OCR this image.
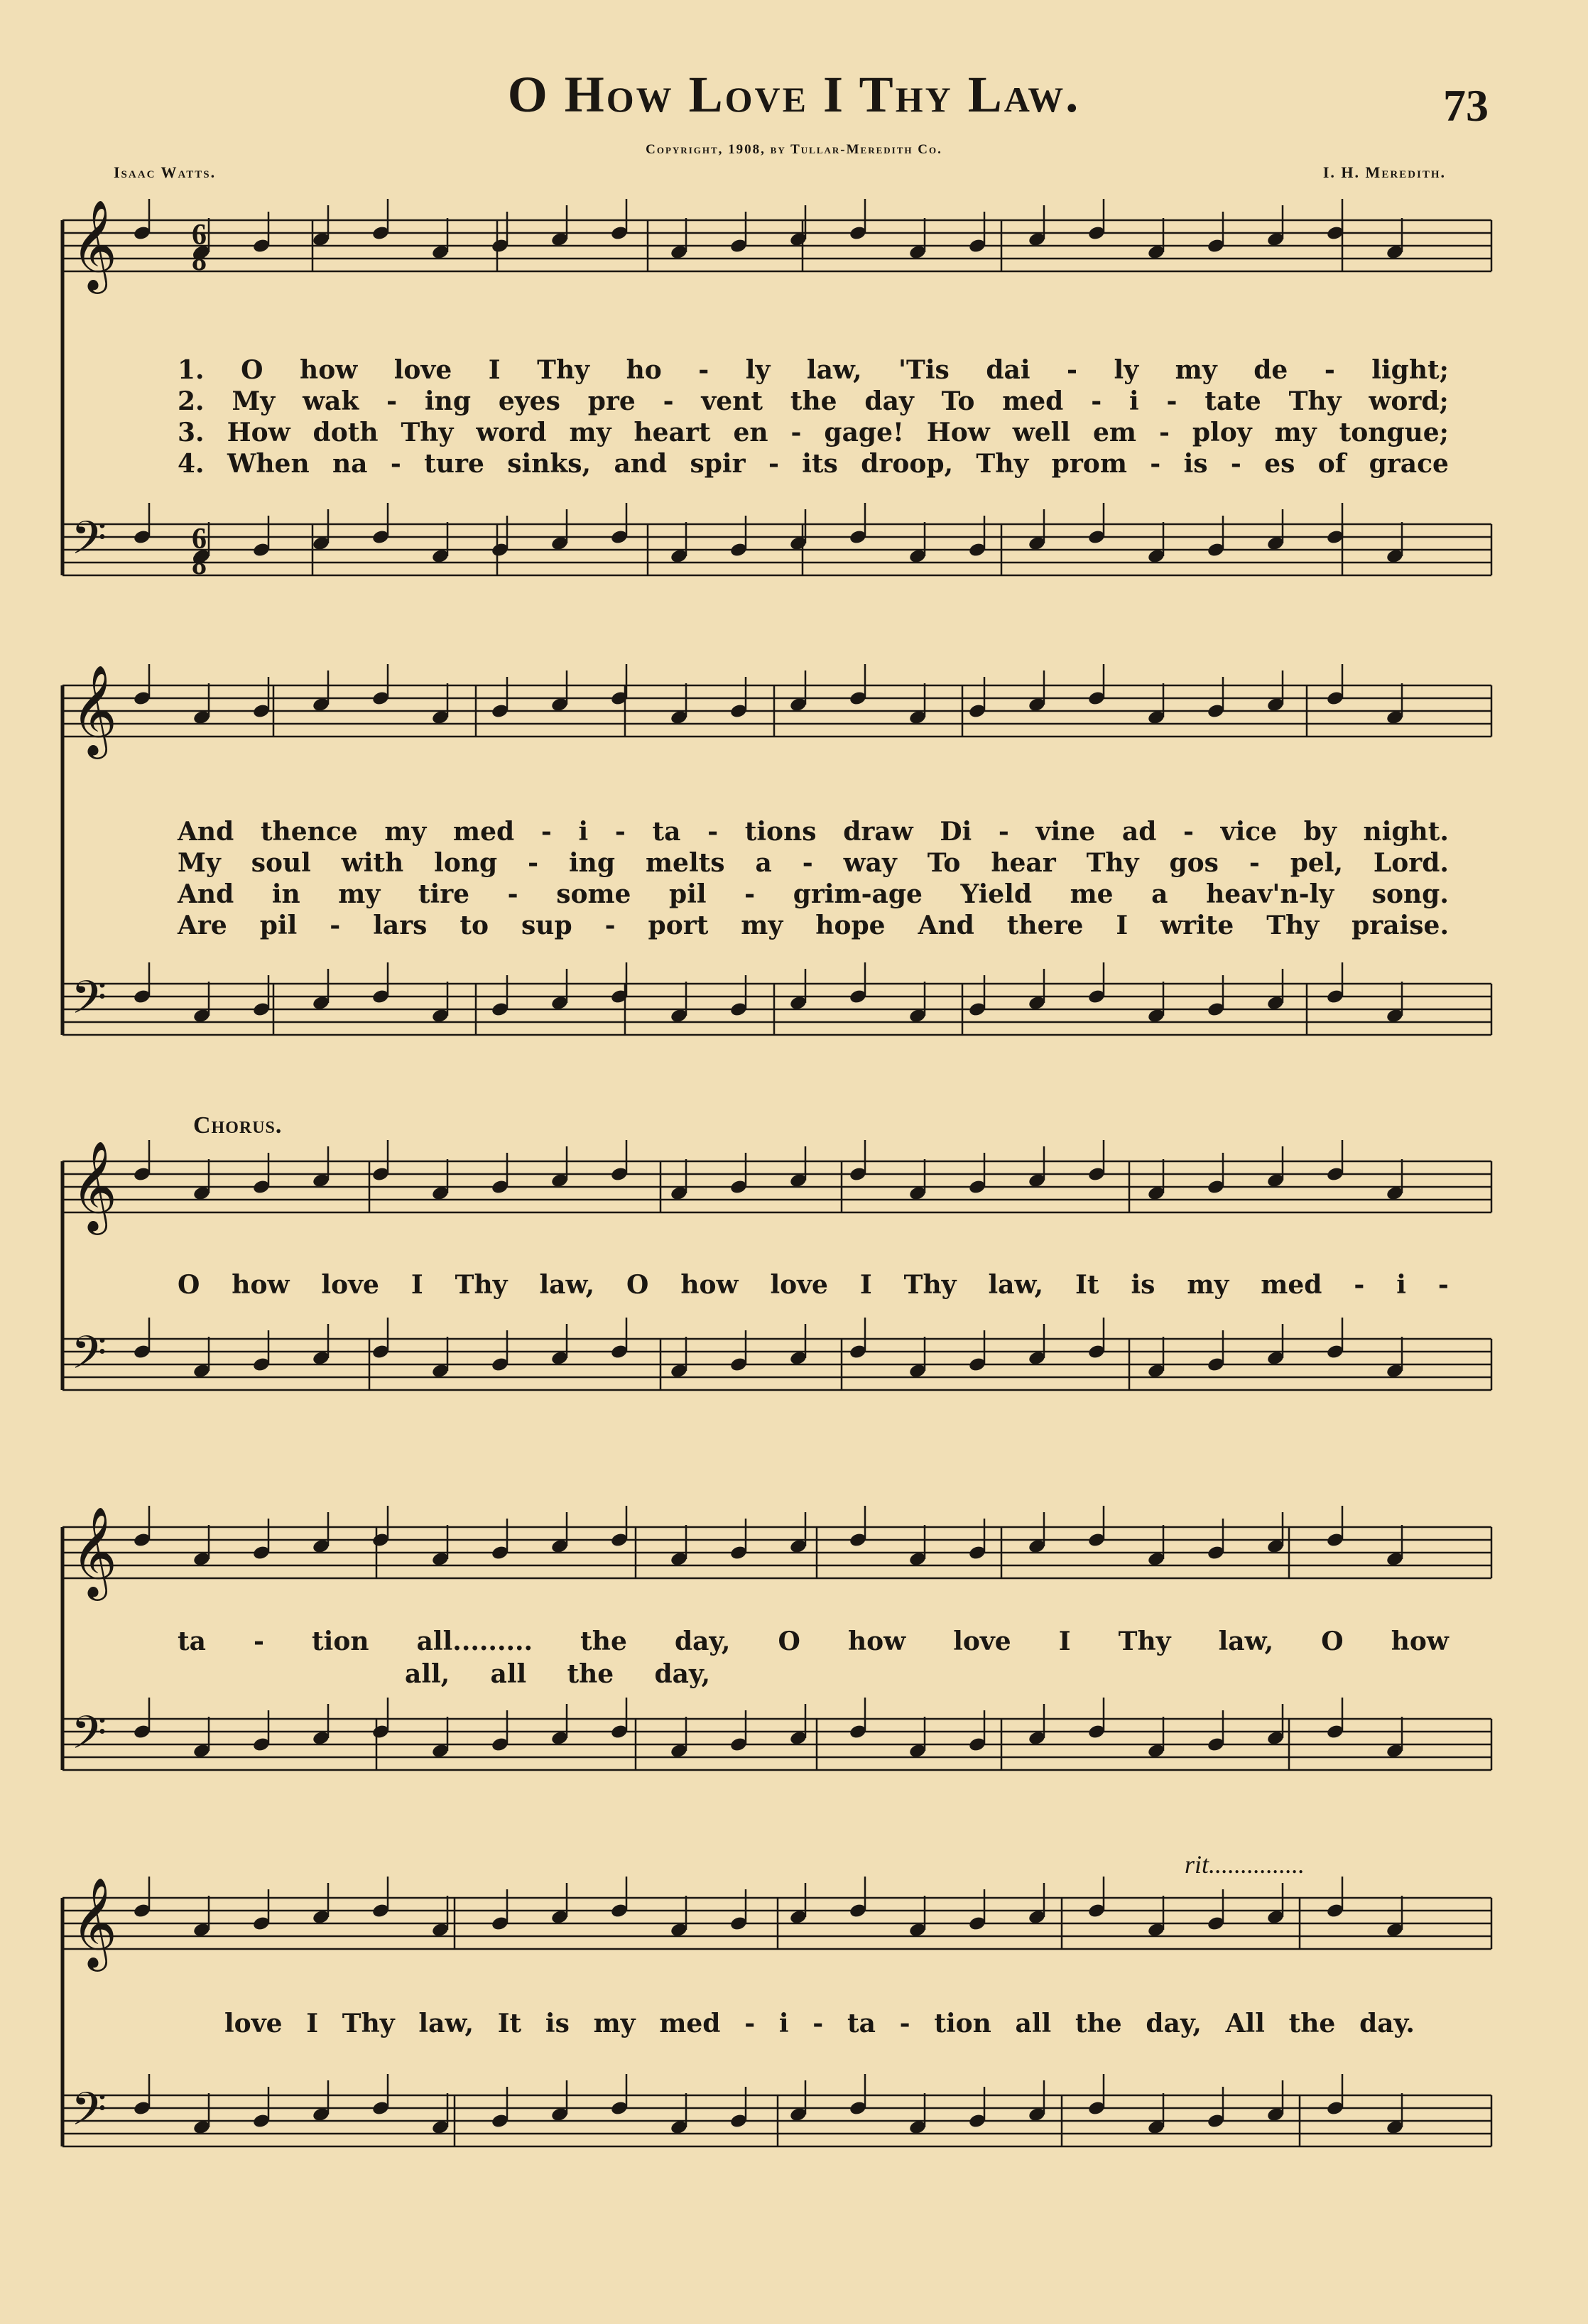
O How Love I Thy Law.	73
Copyright, 1908, by Tullar-Meredith Co.
Isaac Watts.	I. H. Meredith.
𝄞
𝄢
6
8
6
8
𝄞
𝄢
𝄞
𝄢
𝄞
𝄢
𝄞
𝄢
1. O how love I Thy ho - ly law, 'Tis dai - ly my de - light;
2. My wak - ing eyes pre - vent the day To med - i - tate Thy word;
3. How doth Thy word my heart en - gage! How well em - ploy my tongue;
4. When na - ture sinks, and spir - its droop, Thy prom - is - es of grace
And thence my med - i - ta - tions draw Di - vine ad - vice by night.
My soul with long - ing melts a - way To hear Thy gos - pel, Lord.
And in my tire - some pil - grim-age Yield me a heav'n-ly song.
Are pil - lars to sup - port my hope And there I write Thy praise.
Chorus.
O how love I Thy law, O how love I Thy law, It is my med - i -
ta - tion all......... the day, O how love I Thy law, O how
all, all the day,
rit...............
love I Thy law, It is my med - i - ta - tion all the day, All the day.
